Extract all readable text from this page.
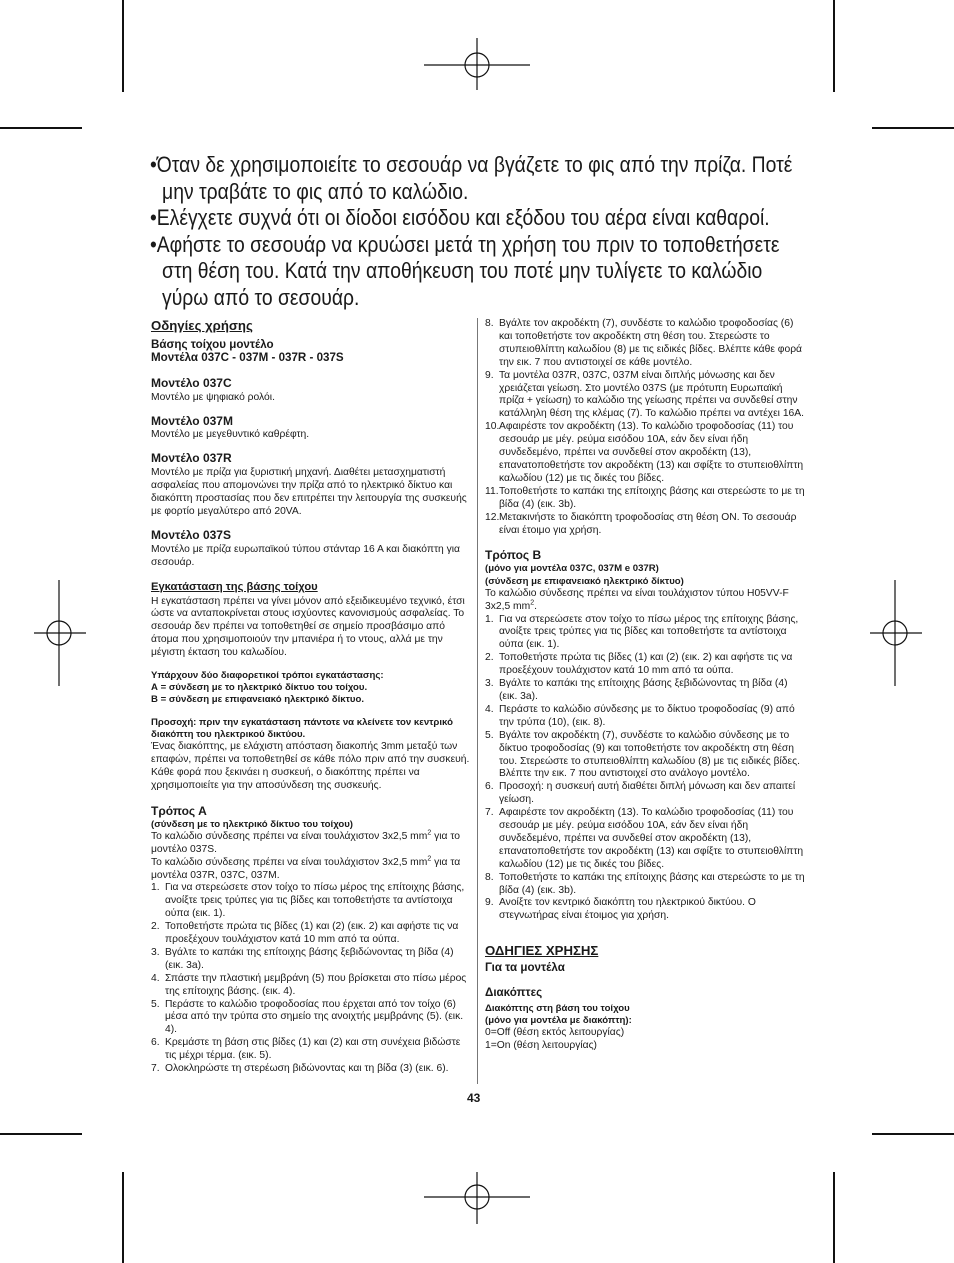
•Όταν δε χρησιμοποιείτε το σεσουάρ να βγάζετε το φις από την πρίζα. Ποτέ μην τραβάτε το φις από το καλώδιο.

•Ελέγχετε συχνά ότι οι δίοδοι εισόδου και εξόδου του αέρα είναι καθαροί.

•Αφήστε το σεσουάρ να κρυώσει μετά τη χρήση του πριν το τοποθετήσετε στη θέση του. Κατά την αποθήκευση του ποτέ μην τυλίγετε το καλώδιο γύρω από το σεσουάρ.

Οδηγίες χρήσης

Βάσης τοίχου μοντέλο

Μοντέλα 037C - 037M - 037R - 037S

Μοντέλο 037C

Μοντέλο με ψηφιακό ρολόι.

Μοντέλο 037M

Μοντέλο με μεγεθυντικό καθρέφτη.

Μοντέλο 037R

Μοντέλο με πρίζα για ξυριστική μηχανή. Διαθέτει μετασχηματιστή ασφαλείας που απομονώνει την πρίζα από το ηλεκτρικό δίκτυο και διακόπτη προστασίας που δεν επιτρέπει την λειτουργία της συσκευής με φορτίο μεγαλύτερο από 20VA.

Μοντέλο 037S

Μοντέλο με πρίζα ευρωπαϊκού τύπου στάνταρ 16 Α και διακόπτη για σεσουάρ.

Εγκατάσταση της βάσης τοίχου

Η εγκατάσταση πρέπει να γίνει μόνον από εξειδικευμένο τεχνικό, έτσι ώστε να ανταποκρίνεται στους ισχύοντες κανονισμούς ασφαλείας. Το σεσουάρ δεν πρέπει να τοποθετηθεί σε σημείο προσβάσιμο από άτομα που χρησιμοποιούν την μπανιέρα ή το ντους, αλλά με την μέγιστη έκταση του καλωδίου.

Υπάρχουν δύο διαφορετικοί τρόποι εγκατάστασης:

Α = σύνδεση με το ηλεκτρικό δίκτυο του τοίχου.

Β = σύνδεση με επιφανειακό ηλεκτρικό δίκτυο.

Προσοχή: πριν την εγκατάσταση πάντοτε να κλείνετε τον κεντρικό διακόπτη του ηλεκτρικού δικτύου.

Ένας διακόπτης, με ελάχιστη απόσταση διακοπής 3mm μεταξύ των επαφών, πρέπει να τοποθετηθεί σε κάθε πόλο πριν από την συσκευή. Κάθε φορά που ξεκινάει η συσκευή, ο διακόπτης πρέπει να χρησιμοποιείτε για την αποσύνδεση της συσκευής.

Τρόπος Α

(σύνδεση με το ηλεκτρικό δίκτυο του τοίχου)

Το καλώδιο σύνδεσης πρέπει να είναι τουλάχιστον 3x2,5 $mm^2$ για το μοντέλο 037S.

Το καλώδιο σύνδεσης πρέπει να είναι τουλάχιστον 3x2,5 $mm^2$ για τα μοντέλα 037R, 037C, 037M.

1. Για να στερεώσετε στον τοίχο το πίσω μέρος της επίτοιχης βάσης, ανοίξτε τρεις τρύπες για τις βίδες και τοποθετήστε τα αντίστοιχα ούπα (εικ. 1).
2. Τοποθετήστε πρώτα τις βίδες (1) και (2) (εικ. 2) και αφήστε τις να προεξέχουν τουλάχιστον κατά 10 mm από τα ούπα.
3. Βγάλτε το καπάκι της επίτοιχης βάσης ξεβιδώνοντας τη βίδα (4) (εικ. 3a).
4. Σπάστε την πλαστική μεμβράνη (5) που βρίσκεται στο πίσω μέρος της επίτοιχης βάσης. (εικ. 4).
5. Περάστε το καλώδιο τροφοδοσίας που έρχεται από τον τοίχο (6) μέσα από την τρύπα στο σημείο της ανοιχτής μεμβράνης (5). (εικ. 4).
6. Κρεμάστε τη βάση στις βίδες (1) και (2) και στη συνέχεια βιδώστε τις μέχρι τέρμα. (εικ. 5).
7. Ολοκληρώστε τη στερέωση βιδώνοντας και τη βίδα (3) (εικ. 6).
8. Βγάλτε τον ακροδέκτη (7), συνδέστε το καλώδιο τροφοδοσίας (6) και τοποθετήστε τον ακροδέκτη στη θέση του. Στερεώστε το στυπειοθλίπτη καλωδίου (8) με τις ειδικές βίδες. Βλέπτε κάθε φορά την εικ. 7 που αντιστοιχεί σε κάθε μοντέλο.
9. Τα μοντέλα 037R, 037C, 037M είναι διπλής μόνωσης και δεν χρειάζεται γείωση. Στο μοντέλο 037S (με πρότυπη Ευρωπαϊκή πρίζα + γείωση) το καλώδιο της γείωσης πρέπει να συνδεθεί στην κατάλληλη θέση της κλέμας (7). Το καλώδιο πρέπει να αντέχει 16Α.
10. Αφαιρέστε τον ακροδέκτη (13). Το καλώδιο τροφοδοσίας (11) του σεσουάρ με μέγ. ρεύμα εισόδου 10Α, εάν δεν είναι ήδη συνδεδεμένο, πρέπει να συνδεθεί στον ακροδέκτη (13), επανατοποθετήστε τον ακροδέκτη (13) και σφίξτε το στυπειοθλίπτη καλωδίου (12) με τις δικές του βίδες.
11. Τοποθετήστε το καπάκι της επίτοιχης βάσης και στερεώστε το με τη βίδα (4) (εικ. 3b).
12. Μετακινήστε το διακόπτη τροφοδοσίας στη θέση ΟΝ. Το σεσουάρ είναι έτοιμο για χρήση.

Τρόπος Β

(μόνο για μοντέλα 037C, 037M e 037R)

(σύνδεση με επιφανειακό ηλεκτρικό δίκτυο)

Το καλώδιο σύνδεσης πρέπει να είναι τουλάχιστον τύπου H05VV-F 3x2,5 $mm^2$.

1. Για να στερεώσετε στον τοίχο το πίσω μέρος της επίτοιχης βάσης, ανοίξτε τρεις τρύπες για τις βίδες και τοποθετήστε τα αντίστοιχα ούπα (εικ. 1).
2. Τοποθετήστε πρώτα τις βίδες (1) και (2) (εικ. 2) και αφήστε τις να προεξέχουν τουλάχιστον κατά 10 mm από τα ούπα.
3. Βγάλτε το καπάκι της επίτοιχης βάσης ξεβιδώνοντας τη βίδα (4) (εικ. 3a).
4. Περάστε το καλώδιο σύνδεσης με το δίκτυο τροφοδοσίας (9) από την τρύπα (10), (εικ. 8).
5. Βγάλτε τον ακροδέκτη (7), συνδέστε το καλώδιο σύνδεσης με το δίκτυο τροφοδοσίας (9) και τοποθετήστε τον ακροδέκτη στη θέση του. Στερεώστε το στυπειοθλίπτη καλωδίου (8) με τις ειδικές βίδες. Βλέπτε την εικ. 7 που αντιστοιχεί στο ανάλογο μοντέλο.
6. Προσοχή: η συσκευή αυτή διαθέτει διπλή μόνωση και δεν απαιτεί γείωση.
7. Αφαιρέστε τον ακροδέκτη (13). Το καλώδιο τροφοδοσίας (11) του σεσουάρ με μέγ. ρεύμα εισόδου 10Α, εάν δεν είναι ήδη συνδεδεμένο, πρέπει να συνδεθεί στον ακροδέκτη (13), επανατοποθετήστε τον ακροδέκτη (13) και σφίξτε το στυπειοθλίπτη καλωδίου (12) με τις δικές του βίδες.
8. Τοποθετήστε το καπάκι της επίτοιχης βάσης και στερεώστε το με τη βίδα (4) (εικ. 3b).
9. Ανοίξτε τον κεντρικό διακόπτη του ηλεκτρικού δικτύου. Ο στεγνωτήρας είναι έτοιμος για χρήση.

ΟΔΗΓΙΕΣ ΧΡΗΣΗΣ

Για τα μοντέλα

Διακόπτες

Διακόπτης στη βάση του τοίχου

(μόνο για μοντέλα με διακόπτη):

0=Off (θέση εκτός λειτουργίας)

1=On (θέση λειτουργίας)

43
